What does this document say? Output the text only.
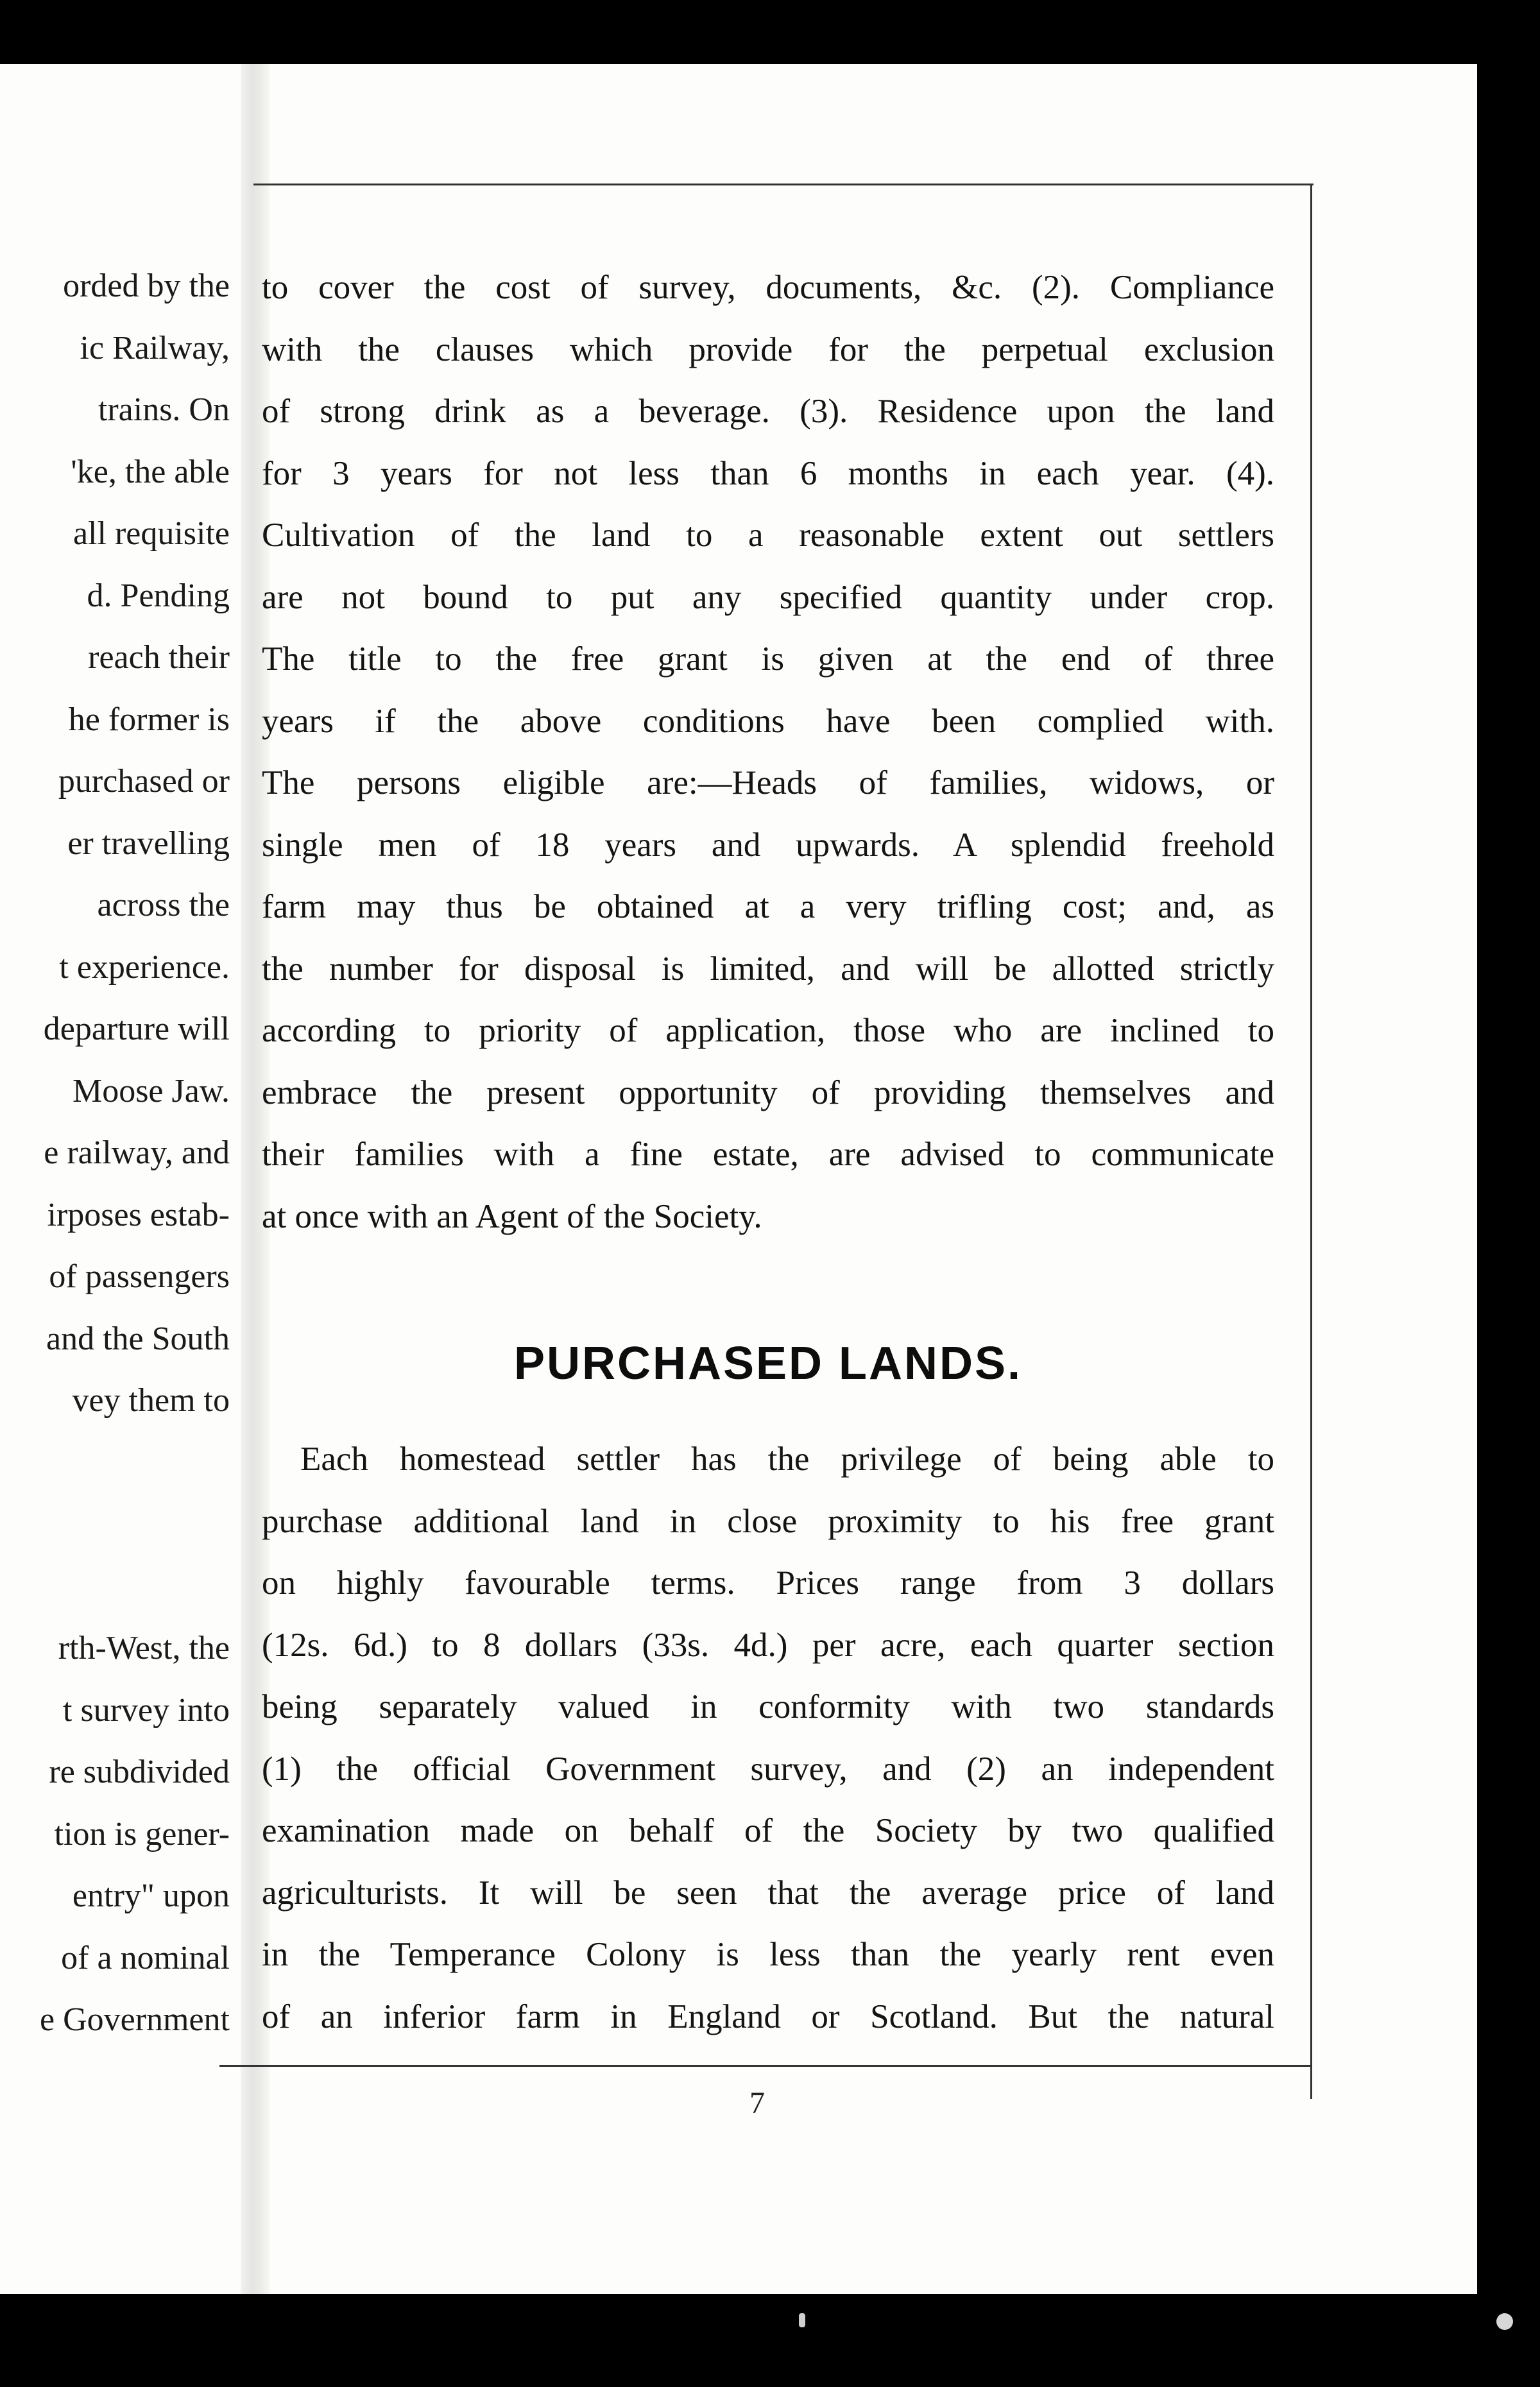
orded by the
ic Railway,
trains. On
'ke, the able
all requisite
d. Pending
reach their
he former is
purchased or
er travelling
across the
t experience.
departure will
Moose Jaw.
e railway, and
irposes estab-
of passengers
and the South
vey them to
rth-West, the
t survey into
re subdivided
tion is gener-
entry" upon
of a nominal
e Government
to cover the cost of survey, documents, &c. (2). Compliance
with the clauses which provide for the perpetual exclusion
of strong drink as a beverage. (3). Residence upon the land
for 3 years for not less than 6 months in each year. (4).
Cultivation of the land to a reasonable extent out settlers
are not bound to put any specified quantity under crop.
The title to the free grant is given at the end of three
years if the above conditions have been complied with.
The persons eligible are:—Heads of families, widows, or
single men of 18 years and upwards. A splendid freehold
farm may thus be obtained at a very trifling cost; and, as
the number for disposal is limited, and will be allotted strictly
according to priority of application, those who are inclined to
embrace the present opportunity of providing themselves and
their families with a fine estate, are advised to communicate
at once with an Agent of the Society.
PURCHASED LANDS.
Each homestead settler has the privilege of being able to
purchase additional land in close proximity to his free grant
on highly favourable terms. Prices range from 3 dollars
(12s. 6d.) to 8 dollars (33s. 4d.) per acre, each quarter section
being separately valued in conformity with two standards
(1) the official Government survey, and (2) an independent
examination made on behalf of the Society by two qualified
agriculturists. It will be seen that the average price of land
in the Temperance Colony is less than the yearly rent even
of an inferior farm in England or Scotland. But the natural
7
